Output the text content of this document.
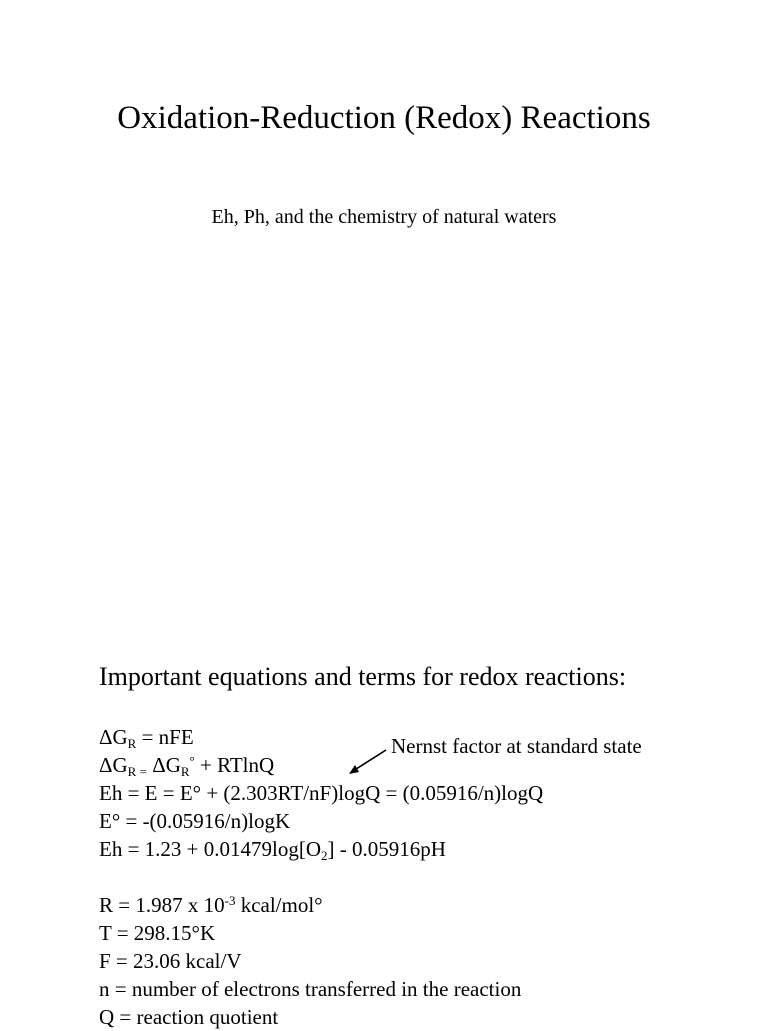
Oxidation-Reduction (Redox) Reactions
Eh, Ph, and the chemistry of natural waters
Important equations and terms for redox reactions:
$\Delta G_R$ = nFE
$\Delta G_{R =}$ $\Delta G_R^\circ + RTlnQ$
Eh = E = E° + (2.303RT/nF)logQ = (0.05916/n)logQ
E° = -(0.05916/n)logK
$Eh = 1.23 + 0.01479\log[O_2] - 0.05916pH$
R = 1.987 x $10^{-3}$ kcal/mol°
T = 298.15°K
F = 23.06 kcal/V
n = number of electrons transferred in the reaction
Q = reaction quotient
Nernst factor at standard state
